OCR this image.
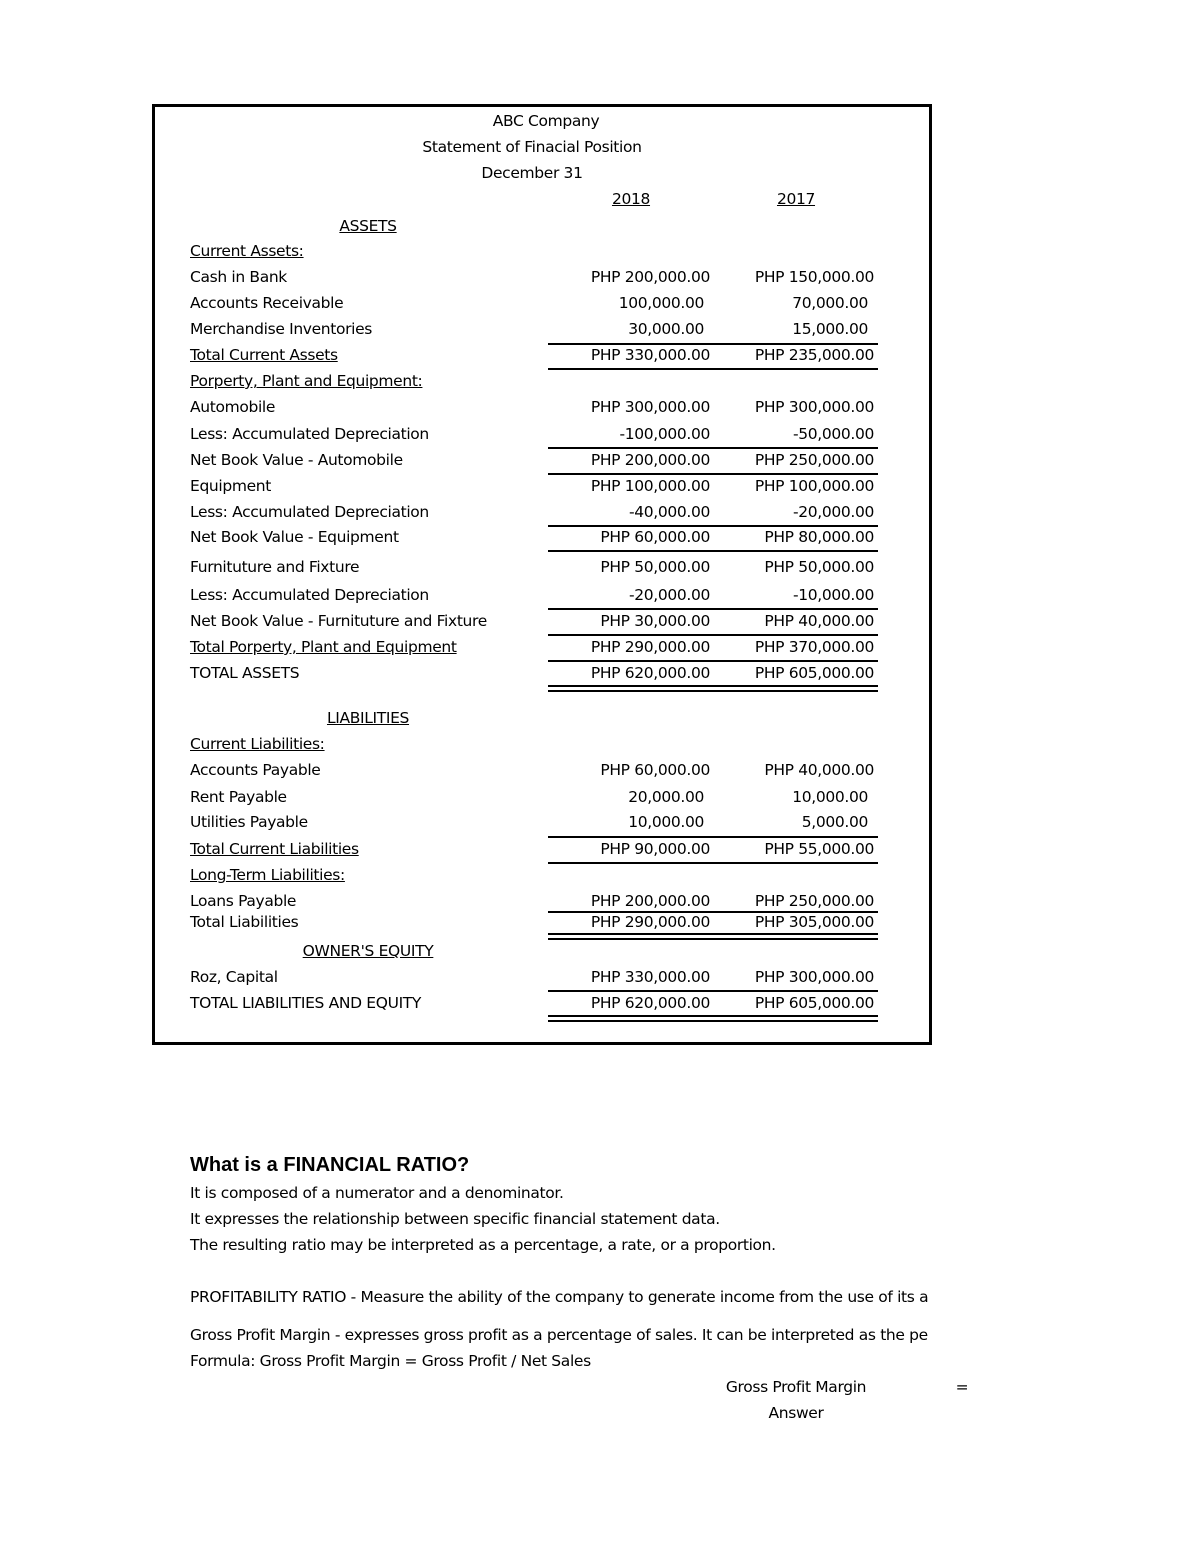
ABC Company
Statement of Finacial Position
December 31
2018	2017
ASSETS
Current Assets:
Cash in Bank	PHP 200,000.00	PHP 150,000.00
Accounts Receivable	100,000.00	70,000.00
Merchandise Inventories	30,000.00	15,000.00
Total Current Assets	PHP 330,000.00	PHP 235,000.00
Porperty, Plant and Equipment:
Automobile	PHP 300,000.00	PHP 300,000.00
Less: Accumulated Depreciation	-100,000.00	-50,000.00
Net Book Value - Automobile	PHP 200,000.00	PHP 250,000.00
Equipment	PHP 100,000.00	PHP 100,000.00
Less: Accumulated Depreciation	-40,000.00	-20,000.00
Net Book Value - Equipment	PHP 60,000.00	PHP 80,000.00
Furnituture and Fixture	PHP 50,000.00	PHP 50,000.00
Less: Accumulated Depreciation	-20,000.00	-10,000.00
Net Book Value - Furnituture and Fixture	PHP 30,000.00	PHP 40,000.00
Total Porperty, Plant and Equipment	PHP 290,000.00	PHP 370,000.00
TOTAL ASSETS	PHP 620,000.00	PHP 605,000.00
LIABILITIES
Current Liabilities:
Accounts Payable	PHP 60,000.00	PHP 40,000.00
Rent Payable	20,000.00	10,000.00
Utilities Payable	10,000.00	5,000.00
Total Current Liabilities	PHP 90,000.00	PHP 55,000.00
Long-Term Liabilities:
Loans Payable	PHP 200,000.00	PHP 250,000.00
Total Liabilities	PHP 290,000.00	PHP 305,000.00
OWNER'S EQUITY
Roz, Capital	PHP 330,000.00	PHP 300,000.00
TOTAL LIABILITIES AND EQUITY	PHP 620,000.00	PHP 605,000.00
What is a FINANCIAL RATIO?
It is composed of a numerator and a denominator.
It expresses the relationship between specific financial statement data.
The resulting ratio may be interpreted as a percentage, a rate, or a proportion.
PROFITABILITY RATIO - Measure the ability of the company to generate income from the use of its a
Gross Profit Margin - expresses gross profit as a percentage of sales. It can be interpreted as the pe
Formula: Gross Profit Margin = Gross Profit / Net Sales
Gross Profit Margin	=
Answer
